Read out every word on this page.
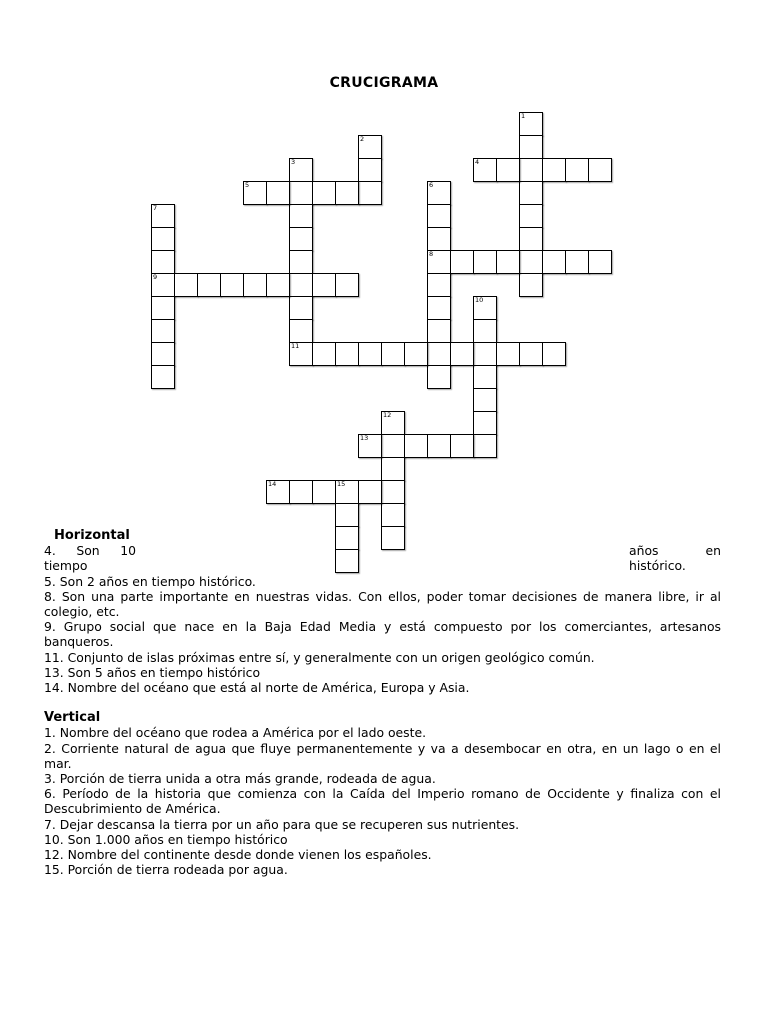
CRUCIGRAMA
1
2
3
11
4
5	6
8
7
9
10
12
13
14	15
Horizontal
4. Son 10
tiempo
años	en
histórico.
5. Son 2 años en tiempo histórico.
8. Son una parte importante en nuestras vidas. Con ellos, poder tomar decisiones de manera libre, ir al colegio, etc.
9. Grupo social que nace en la Baja Edad Media y está compuesto por los comerciantes, artesanos banqueros.
11. Conjunto de islas próximas entre sí, y generalmente con un origen geológico común.
13. Son 5 años en tiempo histórico
14. Nombre del océano que está al norte de América, Europa y Asia.
Vertical
1. Nombre del océano que rodea a América por el lado oeste.
2. Corriente natural de agua que fluye permanentemente y va a desembocar en otra, en un lago o en el mar.
3. Porción de tierra unida a otra más grande, rodeada de agua.
6. Período de la historia que comienza con la Caída del Imperio romano de Occidente y finaliza con el Descubrimiento de América.
7. Dejar descansa la tierra por un año para que se recuperen sus nutrientes.
10. Son 1.000 años en tiempo histórico
12. Nombre del continente desde donde vienen los españoles.
15. Porción de tierra rodeada por agua.
